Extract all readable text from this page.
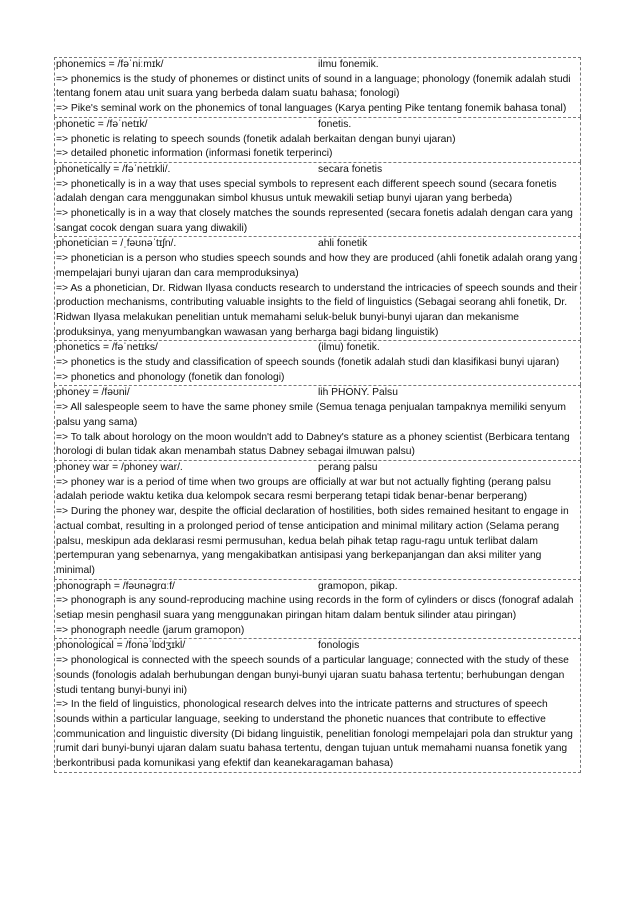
phonemics = /fəˈniːmɪk/	ilmu fonemik.
=> phonemics is the study of phonemes or distinct units of sound in a language; phonology (fonemik adalah studi tentang fonem atau unit suara yang berbeda dalam suatu bahasa; fonologi)
=> Pike's seminal work on the phonemics of tonal languages (Karya penting Pike tentang fonemik bahasa tonal)
phonetic = /fəˈnetɪk/	fonetis.
=> phonetic is relating to speech sounds (fonetik adalah berkaitan dengan bunyi ujaran)
=> detailed phonetic information (informasi fonetik terperinci)
phonetically = /fəˈnetɪkli/.	secara fonetis
=> phonetically is in a way that uses special symbols to represent each different speech sound (secara fonetis adalah dengan cara menggunakan simbol khusus untuk mewakili setiap bunyi ujaran yang berbeda)
=> phonetically is in a way that closely matches the sounds represented (secara fonetis adalah dengan cara yang sangat cocok dengan suara yang diwakili)
phonetician = /ˌfəʊnəˈtɪʃn/.	ahli fonetik
=> phonetician is a person who studies speech sounds and how they are produced (ahli fonetik adalah orang yang mempelajari bunyi ujaran dan cara memproduksinya)
=> As a phonetician, Dr. Ridwan Ilyasa conducts research to understand the intricacies of speech sounds and their production mechanisms, contributing valuable insights to the field of linguistics (Sebagai seorang ahli fonetik, Dr. Ridwan Ilyasa melakukan penelitian untuk memahami seluk-beluk bunyi-bunyi ujaran dan mekanisme produksinya, yang menyumbangkan wawasan yang berharga bagi bidang linguistik)
phonetics = /fəˈnetɪks/	(ilmu) fonetik.
=> phonetics is the study and classification of speech sounds (fonetik adalah studi dan klasifikasi bunyi ujaran)
=> phonetics and phonology (fonetik dan fonologi)
phoney = /fəʊni/	lih PHONY. Palsu
=> All salespeople seem to have the same phoney smile (Semua tenaga penjualan tampaknya memiliki senyum palsu yang sama)
=> To talk about horology on the moon wouldn't add to Dabney's stature as a phoney scientist (Berbicara tentang horologi di bulan tidak akan menambah status Dabney sebagai ilmuwan palsu)
phoney war = /phoney war/.	perang palsu
=> phoney war is a period of time when two groups are officially at war but not actually fighting (perang palsu adalah periode waktu ketika dua kelompok secara resmi berperang tetapi tidak benar-benar berperang)
=> During the phoney war, despite the official declaration of hostilities, both sides remained hesitant to engage in actual combat, resulting in a prolonged period of tense anticipation and minimal military action (Selama perang palsu, meskipun ada deklarasi resmi permusuhan, kedua belah pihak tetap ragu-ragu untuk terlibat dalam pertempuran yang sebenarnya, yang mengakibatkan antisipasi yang berkepanjangan dan aksi militer yang minimal)
phonograph = /fəʊnəgrɑːf/	gramopon, pikap.
=> phonograph is any sound-reproducing machine using records in the form of cylinders or discs (fonograf adalah setiap mesin penghasil suara yang menggunakan piringan hitam dalam bentuk silinder atau piringan)
=> phonograph needle (jarum gramopon)
phonological = /fonəˈlɒdʒɪkl/	fonologis
=> phonological is connected with the speech sounds of a particular language; connected with the study of these sounds (fonologis adalah berhubungan dengan bunyi-bunyi ujaran suatu bahasa tertentu; berhubungan dengan studi tentang bunyi-bunyi ini)
=> In the field of linguistics, phonological research delves into the intricate patterns and structures of speech sounds within a particular language, seeking to understand the phonetic nuances that contribute to effective communication and linguistic diversity (Di bidang linguistik, penelitian fonologi mempelajari pola dan struktur yang rumit dari bunyi-bunyi ujaran dalam suatu bahasa tertentu, dengan tujuan untuk memahami nuansa fonetik yang berkontribusi pada komunikasi yang efektif dan keanekaragaman bahasa)
